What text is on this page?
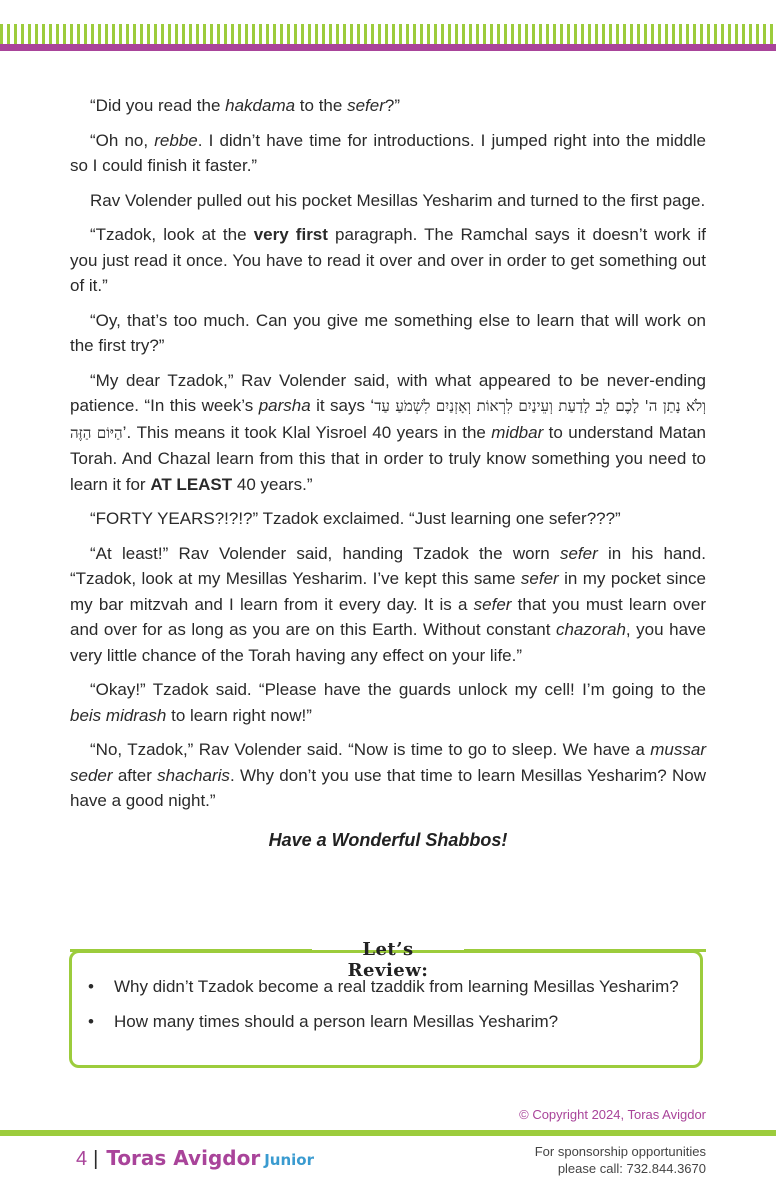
“Did you read the hakdama to the sefer?”

“Oh no, rebbe. I didn’t have time for introductions. I jumped right into the middle so I could finish it faster.”

Rav Volender pulled out his pocket Mesillas Yesharim and turned to the first page.

“Tzadok, look at the very first paragraph. The Ramchal says it doesn’t work if you just read it once. You have to read it over and over in order to get something out of it.”

“Oy, that’s too much. Can you give me something else to learn that will work on the first try?”

“My dear Tzadok,” Rav Volender said, with what appeared to be never-ending patience. “In this week’s parsha it says ‘וְלֹא נָתַן ה' לָכֶם לֵב לָדַעַת וְעֵינַיִם לִרְאוֹת וְאָזְנַיִם לִשְׁמֹעַ עַד הַיּוֹם הַזֶּה’. This means it took Klal Yisroel 40 years in the midbar to understand Matan Torah. And Chazal learn from this that in order to truly know something you need to learn it for AT LEAST 40 years.”

“FORTY YEARS?!?!?” Tzadok exclaimed. “Just learning one sefer???”

“At least!” Rav Volender said, handing Tzadok the worn sefer in his hand. “Tzadok, look at my Mesillas Yesharim. I’ve kept this same sefer in my pocket since my bar mitzvah and I learn from it every day. It is a sefer that you must learn over and over for as long as you are on this Earth. Without constant chazorah, you have very little chance of the Torah having any effect on your life.”

“Okay!” Tzadok said. “Please have the guards unlock my cell! I’m going to the beis midrash to learn right now!”

“No, Tzadok,” Rav Volender said. “Now is time to go to sleep. We have a mussar seder after shacharis. Why don’t you use that time to learn Mesillas Yesharim? Now have a good night.”

Have a Wonderful Shabbos!
Let’s Review:
• Why didn’t Tzadok become a real tzaddik from learning Mesillas Yesharim?
• How many times should a person learn Mesillas Yesharim?
© Copyright 2024, Toras Avigdor
4 | Toras Avigdor Junior	For sponsorship opportunities
please call: 732.844.3670
